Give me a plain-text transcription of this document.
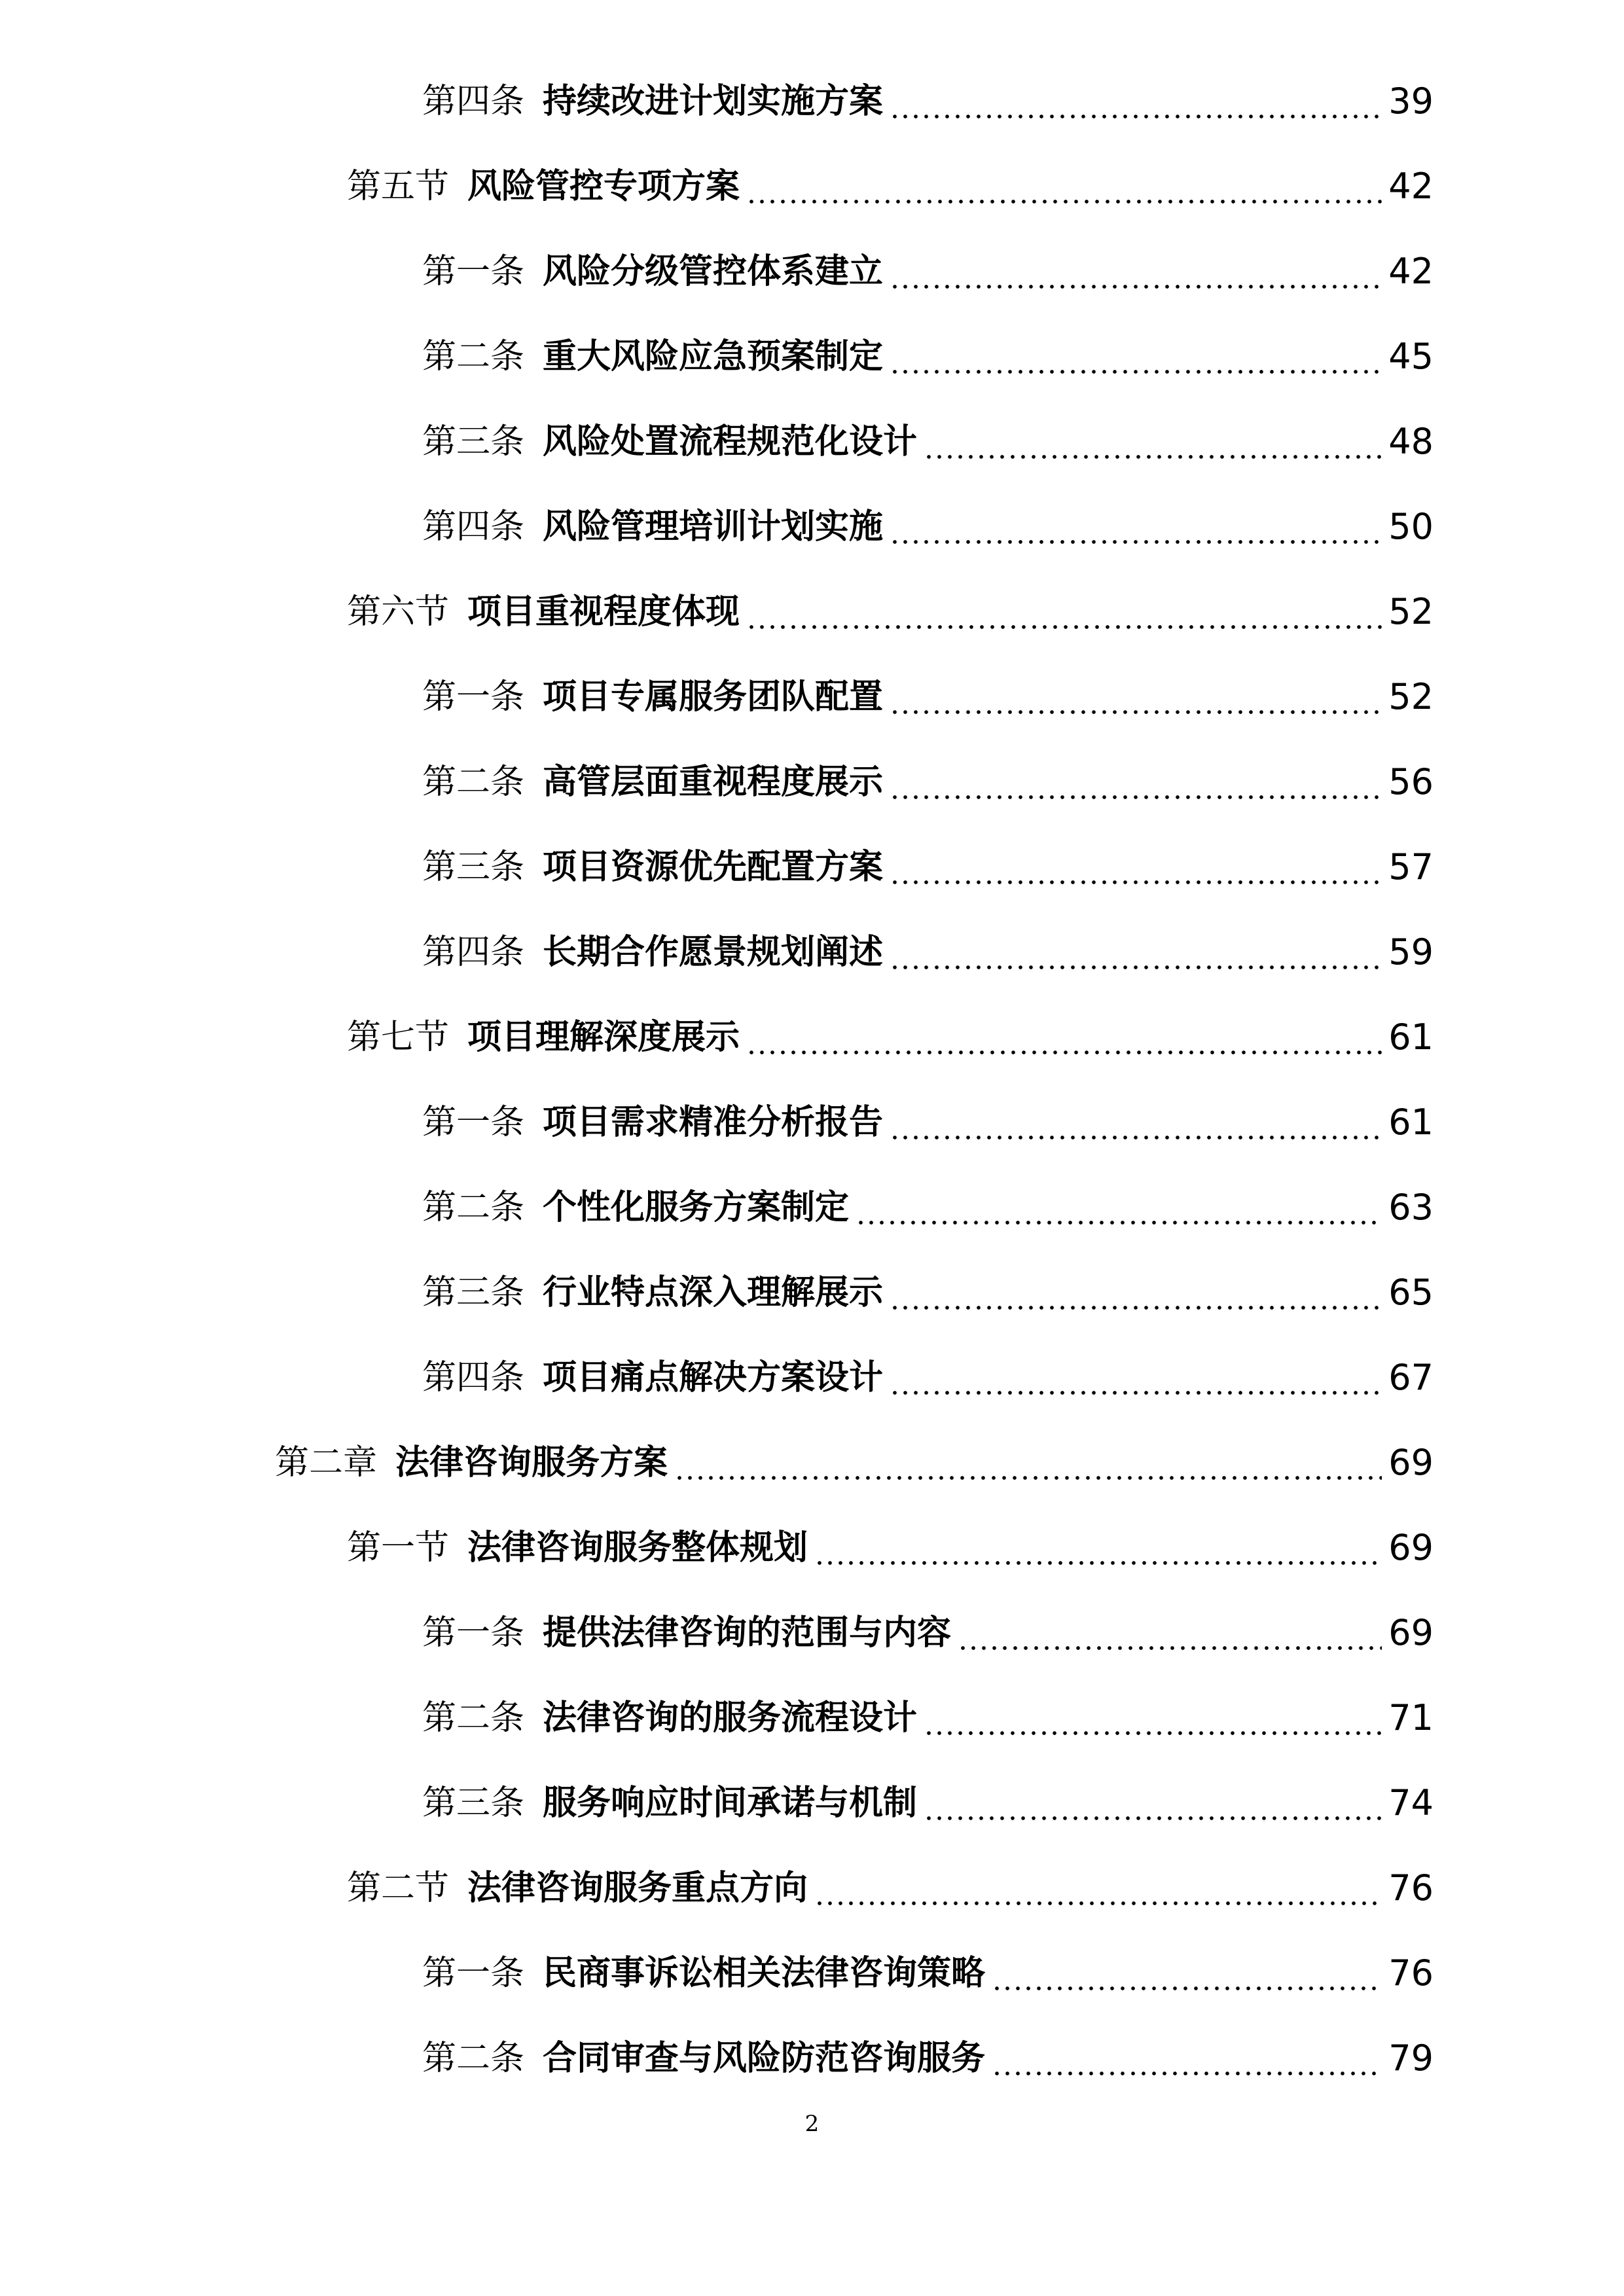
第四条 持续改进计划实施方案	39
第五节 风险管控专项方案	42
第一条 风险分级管控体系建立	42
第二条 重大风险应急预案制定	45
第三条 风险处置流程规范化设计	48
第四条 风险管理培训计划实施	50
第六节 项目重视程度体现	52
第一条 项目专属服务团队配置	52
第二条 高管层面重视程度展示	56
第三条 项目资源优先配置方案	57
第四条 长期合作愿景规划阐述	59
第七节 项目理解深度展示	61
第一条 项目需求精准分析报告	61
第二条 个性化服务方案制定	63
第三条 行业特点深入理解展示	65
第四条 项目痛点解决方案设计	67
第二章 法律咨询服务方案	69
第一节 法律咨询服务整体规划	69
第一条 提供法律咨询的范围与内容	69
第二条 法律咨询的服务流程设计	71
第三条 服务响应时间承诺与机制	74
第二节 法律咨询服务重点方向	76
第一条 民商事诉讼相关法律咨询策略	76
第二条 合同审查与风险防范咨询服务	79
2
